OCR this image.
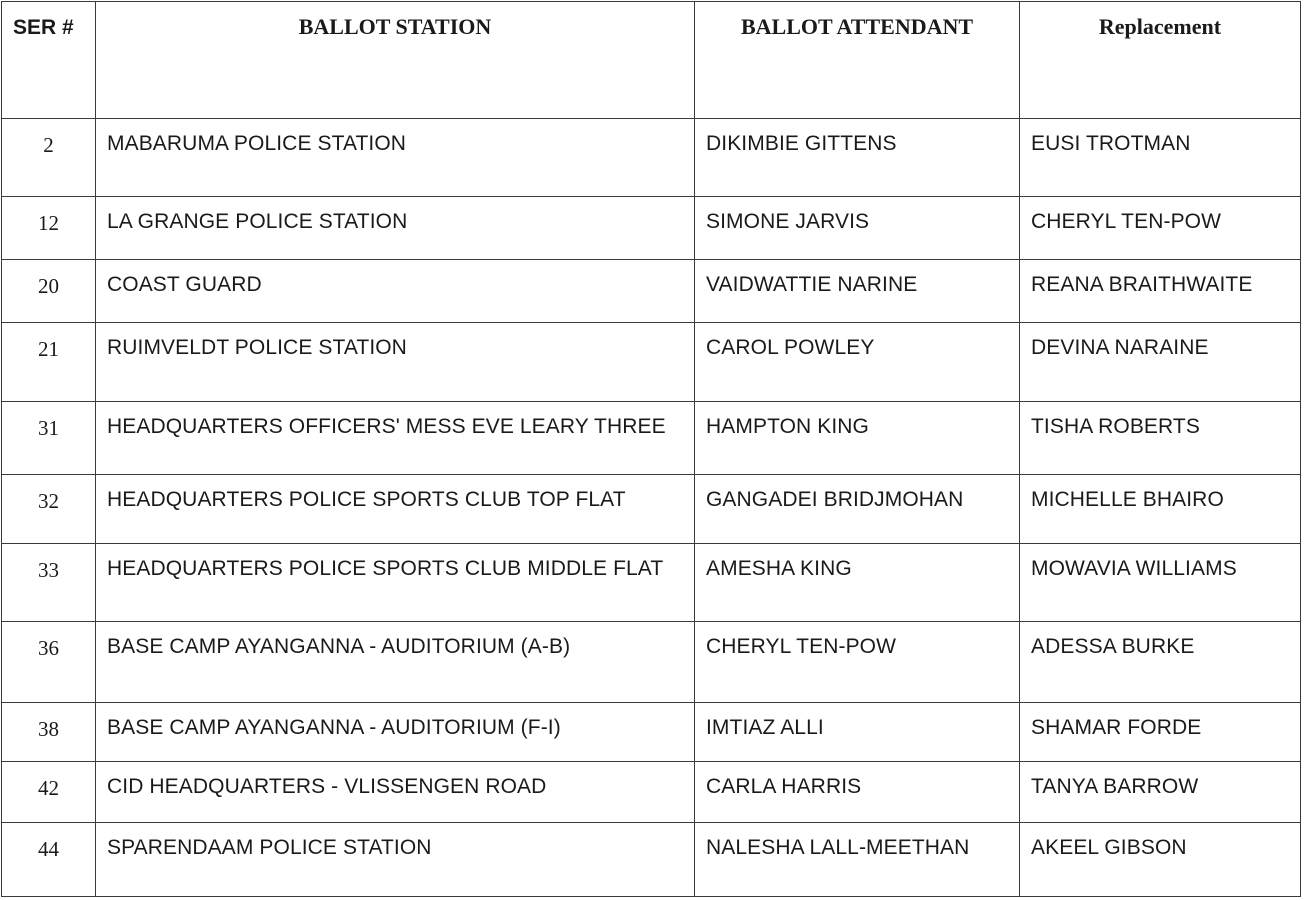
SER #	BALLOT STATION	BALLOT ATTENDANT	Replacement

2	MABARUMA POLICE STATION	DIKIMBIE GITTENS	EUSI TROTMAN

12	LA GRANGE POLICE STATION	SIMONE JARVIS	CHERYL TEN-POW

20	COAST GUARD	VAIDWATTIE NARINE	REANA BRAITHWAITE

21	RUIMVELDT POLICE STATION	CAROL POWLEY	DEVINA NARAINE

31	HEADQUARTERS OFFICERS' MESS EVE LEARY THREE	HAMPTON KING	TISHA ROBERTS

32	HEADQUARTERS POLICE SPORTS CLUB TOP FLAT	GANGADEI BRIDJMOHAN	MICHELLE BHAIRO

33	HEADQUARTERS POLICE SPORTS CLUB MIDDLE FLAT	AMESHA KING	MOWAVIA WILLIAMS

36	BASE CAMP AYANGANNA - AUDITORIUM (A-B)	CHERYL TEN-POW	ADESSA BURKE

38	BASE CAMP AYANGANNA - AUDITORIUM (F-I)	IMTIAZ ALLI	SHAMAR FORDE

42	CID HEADQUARTERS - VLISSENGEN ROAD	CARLA HARRIS	TANYA BARROW

44	SPARENDAAM POLICE STATION	NALESHA LALL-MEETHAN	AKEEL GIBSON
